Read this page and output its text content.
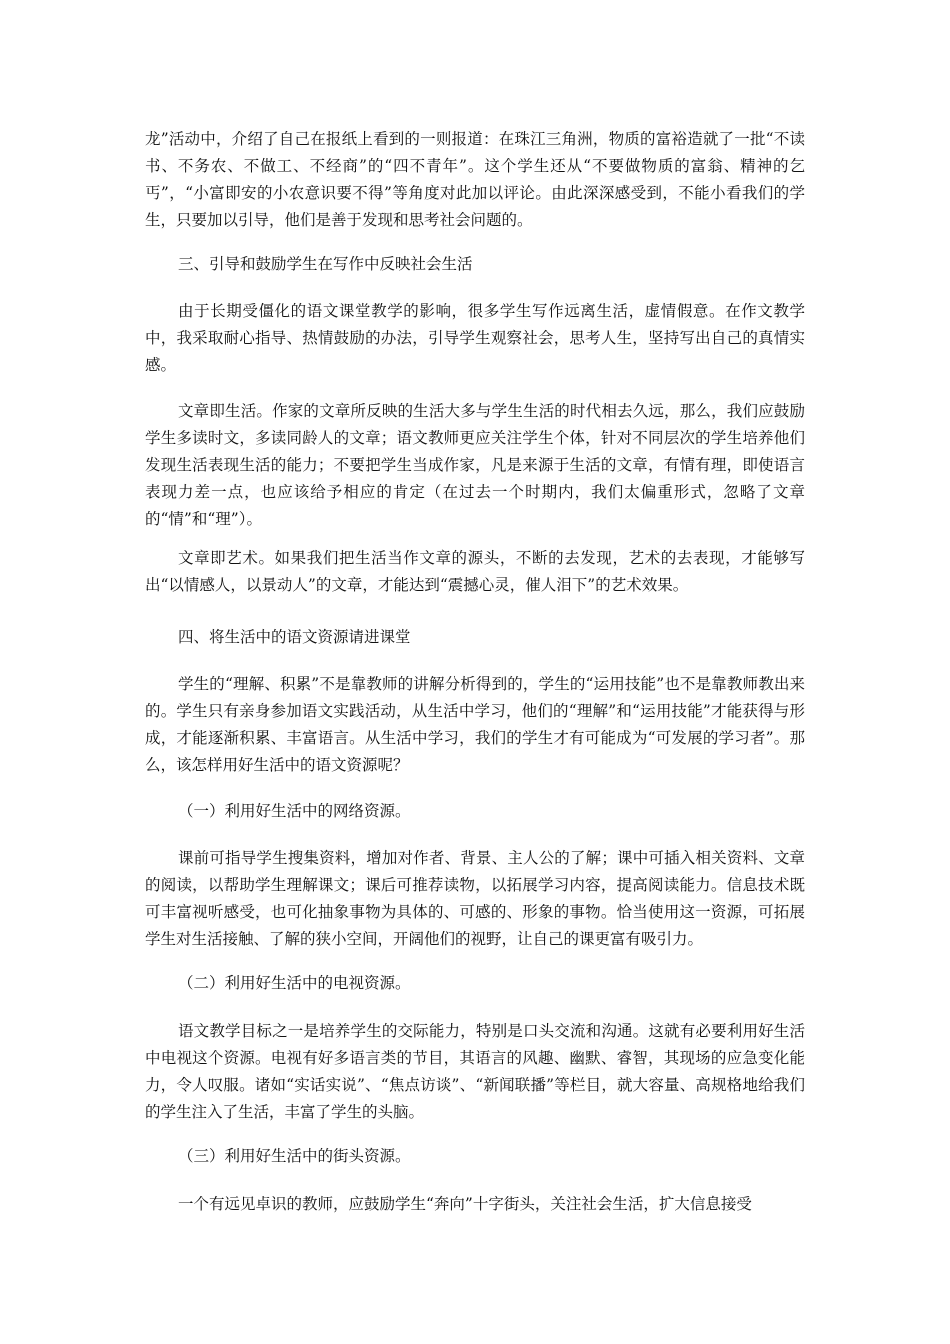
龙”活动中，介绍了自己在报纸上看到的一则报道：在珠江三角洲，物质的富裕造就了一批“不读书、不务农、不做工、不经商”的“四不青年”。这个学生还从“不要做物质的富翁、精神的乞丐”，“小富即安的小农意识要不得”等角度对此加以评论。由此深深感受到，不能小看我们的学生，只要加以引导，他们是善于发现和思考社会问题的。

三、引导和鼓励学生在写作中反映社会生活

由于长期受僵化的语文课堂教学的影响，很多学生写作远离生活，虚情假意。在作文教学中，我采取耐心指导、热情鼓励的办法，引导学生观察社会，思考人生，坚持写出自己的真情实感。

文章即生活。作家的文章所反映的生活大多与学生生活的时代相去久远，那么，我们应鼓励学生多读时文，多读同龄人的文章；语文教师更应关注学生个体，针对不同层次的学生培养他们发现生活表现生活的能力；不要把学生当成作家，凡是来源于生活的文章，有情有理，即使语言表现力差一点，也应该给予相应的肯定（在过去一个时期内，我们太偏重形式，忽略了文章的“情”和“理”）。

文章即艺术。如果我们把生活当作文章的源头，不断的去发现，艺术的去表现，才能够写出“以情感人，以景动人”的文章，才能达到“震撼心灵，催人泪下”的艺术效果。

四、将生活中的语文资源请进课堂

学生的“理解、积累”不是靠教师的讲解分析得到的，学生的“运用技能”也不是靠教师教出来的。学生只有亲身参加语文实践活动，从生活中学习，他们的“理解”和“运用技能”才能获得与形成，才能逐渐积累、丰富语言。从生活中学习，我们的学生才有可能成为“可发展的学习者”。那么，该怎样用好生活中的语文资源呢？

（一）利用好生活中的网络资源。

课前可指导学生搜集资料，增加对作者、背景、主人公的了解；课中可插入相关资料、文章的阅读，以帮助学生理解课文；课后可推荐读物，以拓展学习内容，提高阅读能力。信息技术既可丰富视听感受，也可化抽象事物为具体的、可感的、形象的事物。恰当使用这一资源，可拓展学生对生活接触、了解的狭小空间，开阔他们的视野，让自己的课更富有吸引力。

（二）利用好生活中的电视资源。

语文教学目标之一是培养学生的交际能力，特别是口头交流和沟通。这就有必要利用好生活中电视这个资源。电视有好多语言类的节目，其语言的风趣、幽默、睿智，其现场的应急变化能力，令人叹服。诸如“实话实说”、“焦点访谈”、“新闻联播”等栏目，就大容量、高规格地给我们的学生注入了生活，丰富了学生的头脑。

（三）利用好生活中的街头资源。

一个有远见卓识的教师，应鼓励学生“奔向”十字街头，关注社会生活，扩大信息接受
